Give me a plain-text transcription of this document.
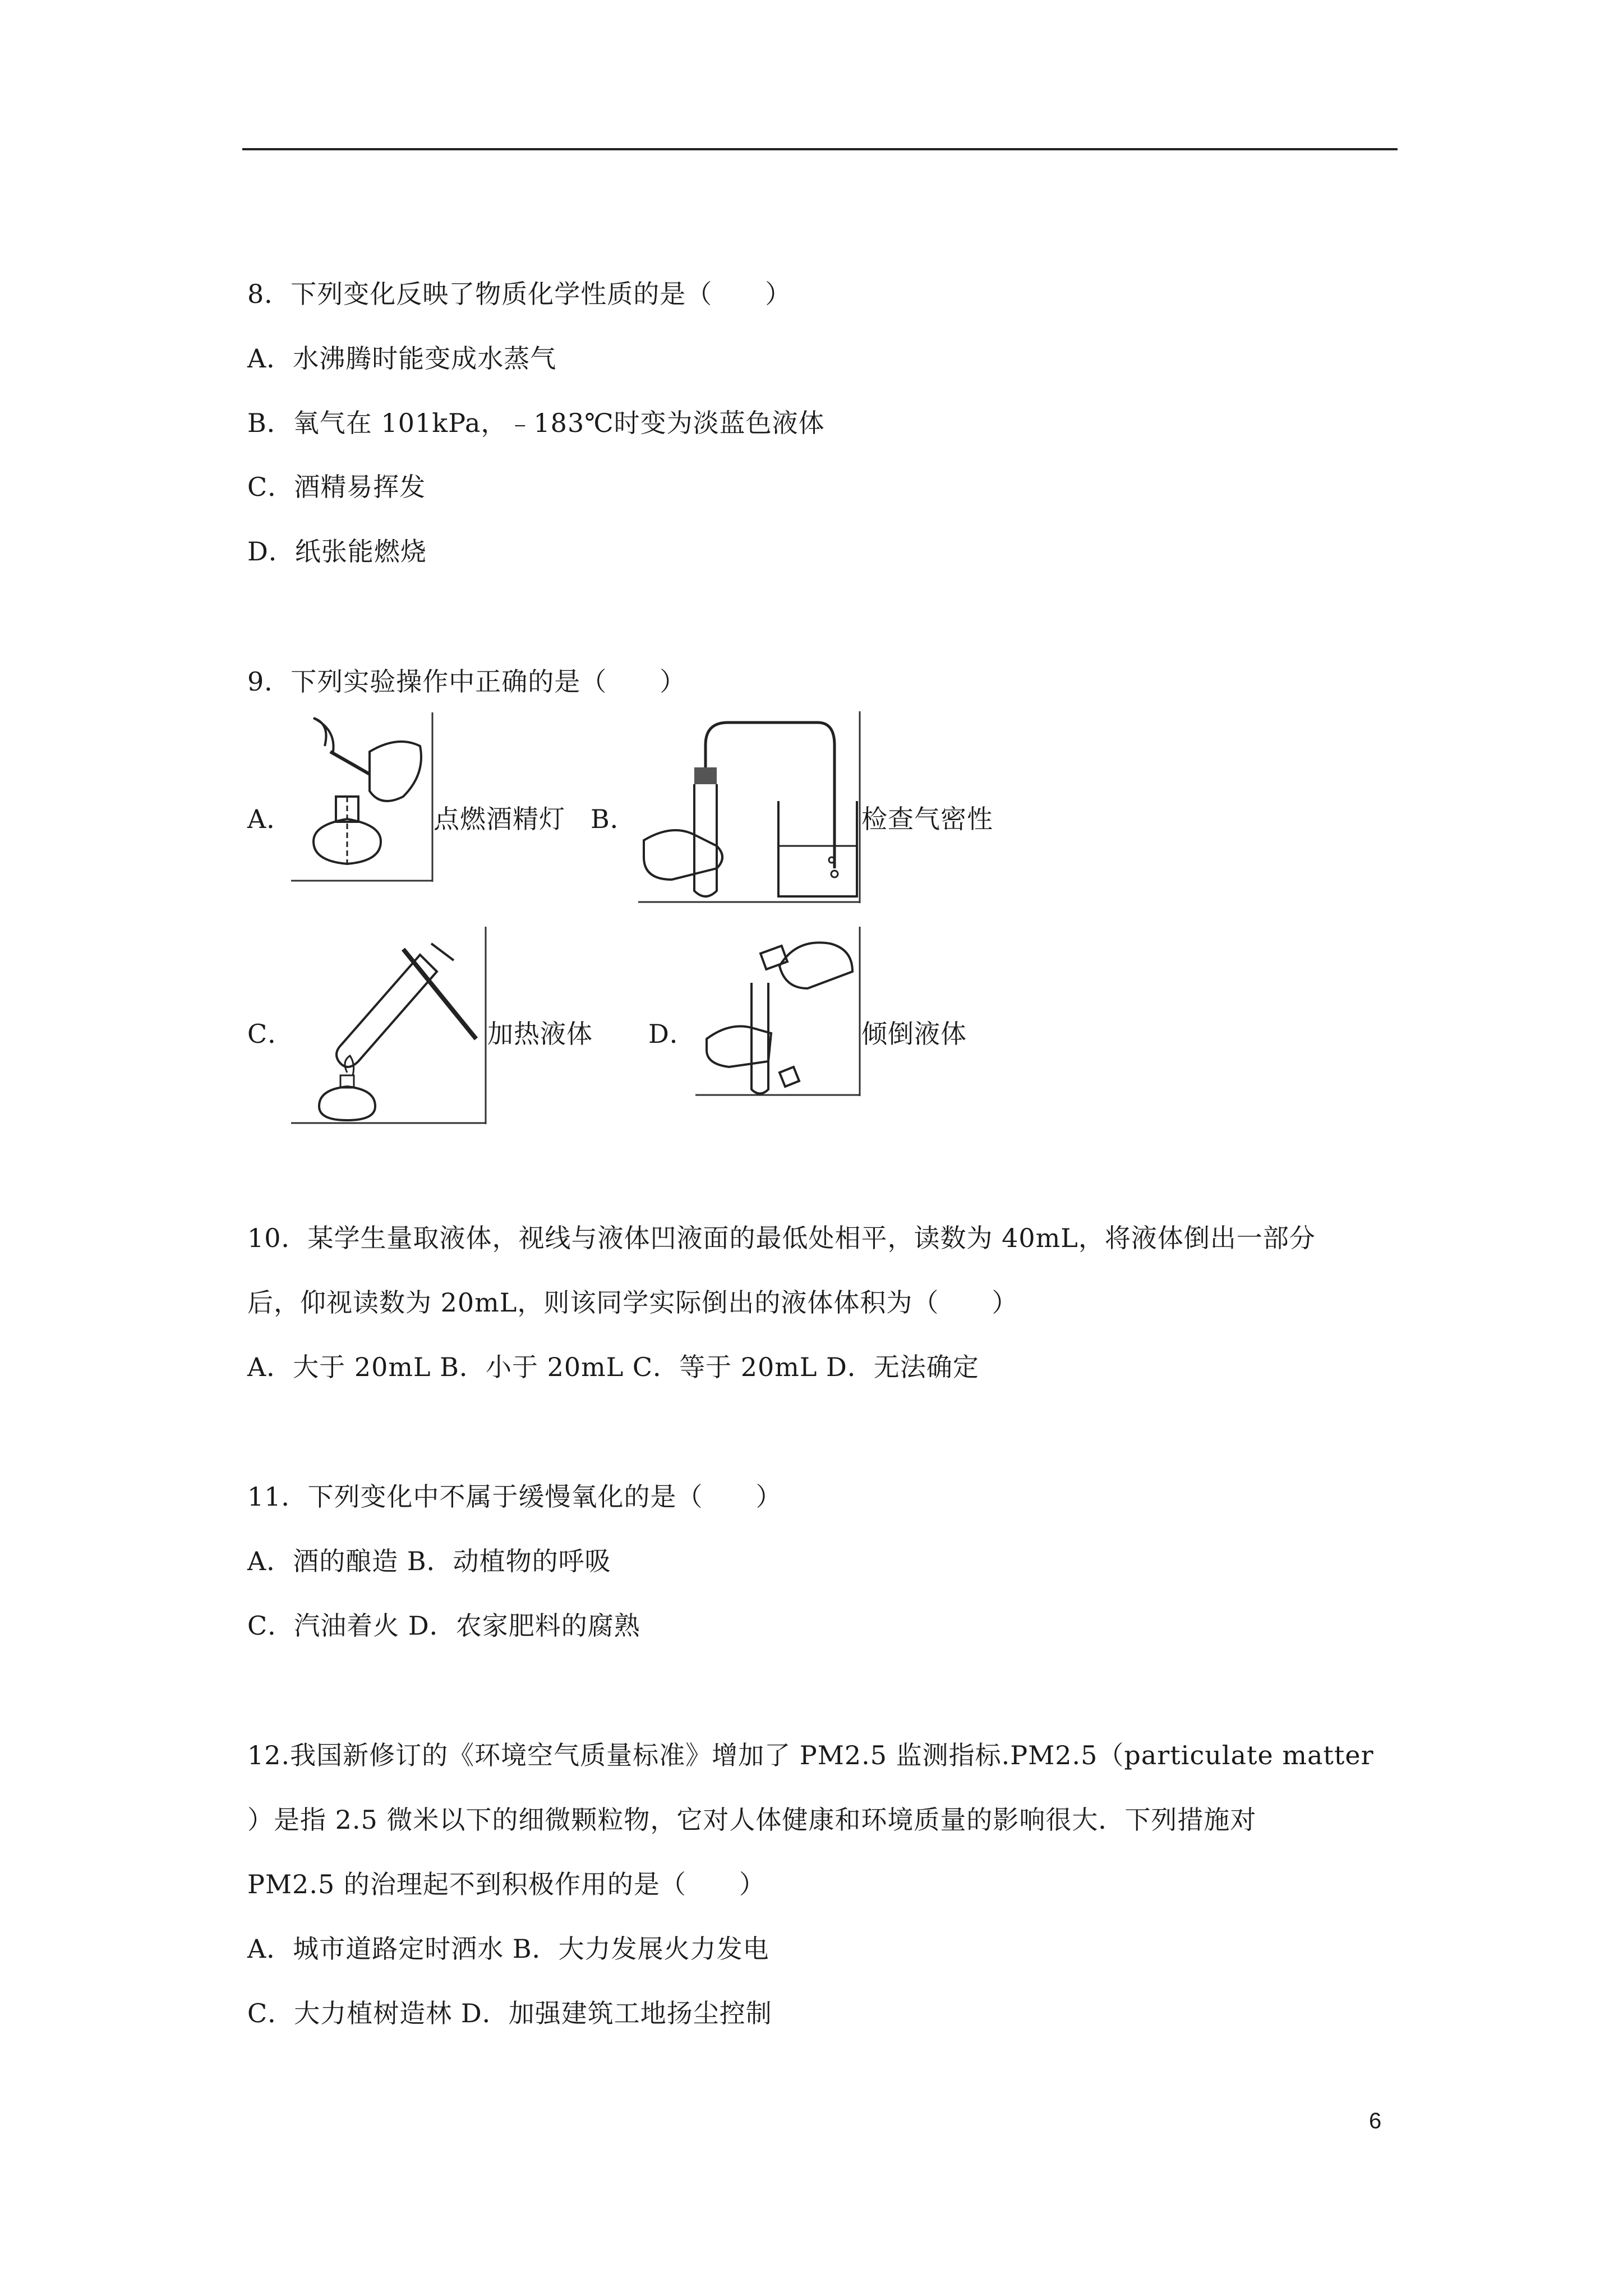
8．下列变化反映了物质化学性质的是（　　）
A．水沸腾时能变成水蒸气
B．氧气在 101kPa，﹣183℃时变为淡蓝色液体
C．酒精易挥发
D．纸张能燃烧
9．下列实验操作中正确的是（　　）
A．	点燃酒精灯 B．	检查气密性
C．	加热液体 D．	倾倒液体
10．某学生量取液体，视线与液体凹液面的最低处相平，读数为 40mL，将液体倒出一部分
后，仰视读数为 20mL，则该同学实际倒出的液体体积为（　　）
A．大于 20mL B．小于 20mL C．等于 20mL D．无法确定
11．下列变化中不属于缓慢氧化的是（　　）
A．酒的酿造 B．动植物的呼吸
C．汽油着火 D．农家肥料的腐熟
12.我国新修订的《环境空气质量标准》增加了 PM2.5 监测指标.PM2.5（particulate matter
）是指 2.5 微米以下的细微颗粒物，它对人体健康和环境质量的影响很大．下列措施对
PM2.5 的治理起不到积极作用的是（　　）
A．城市道路定时洒水 B．大力发展火力发电
C．大力植树造林 D．加强建筑工地扬尘控制
6
